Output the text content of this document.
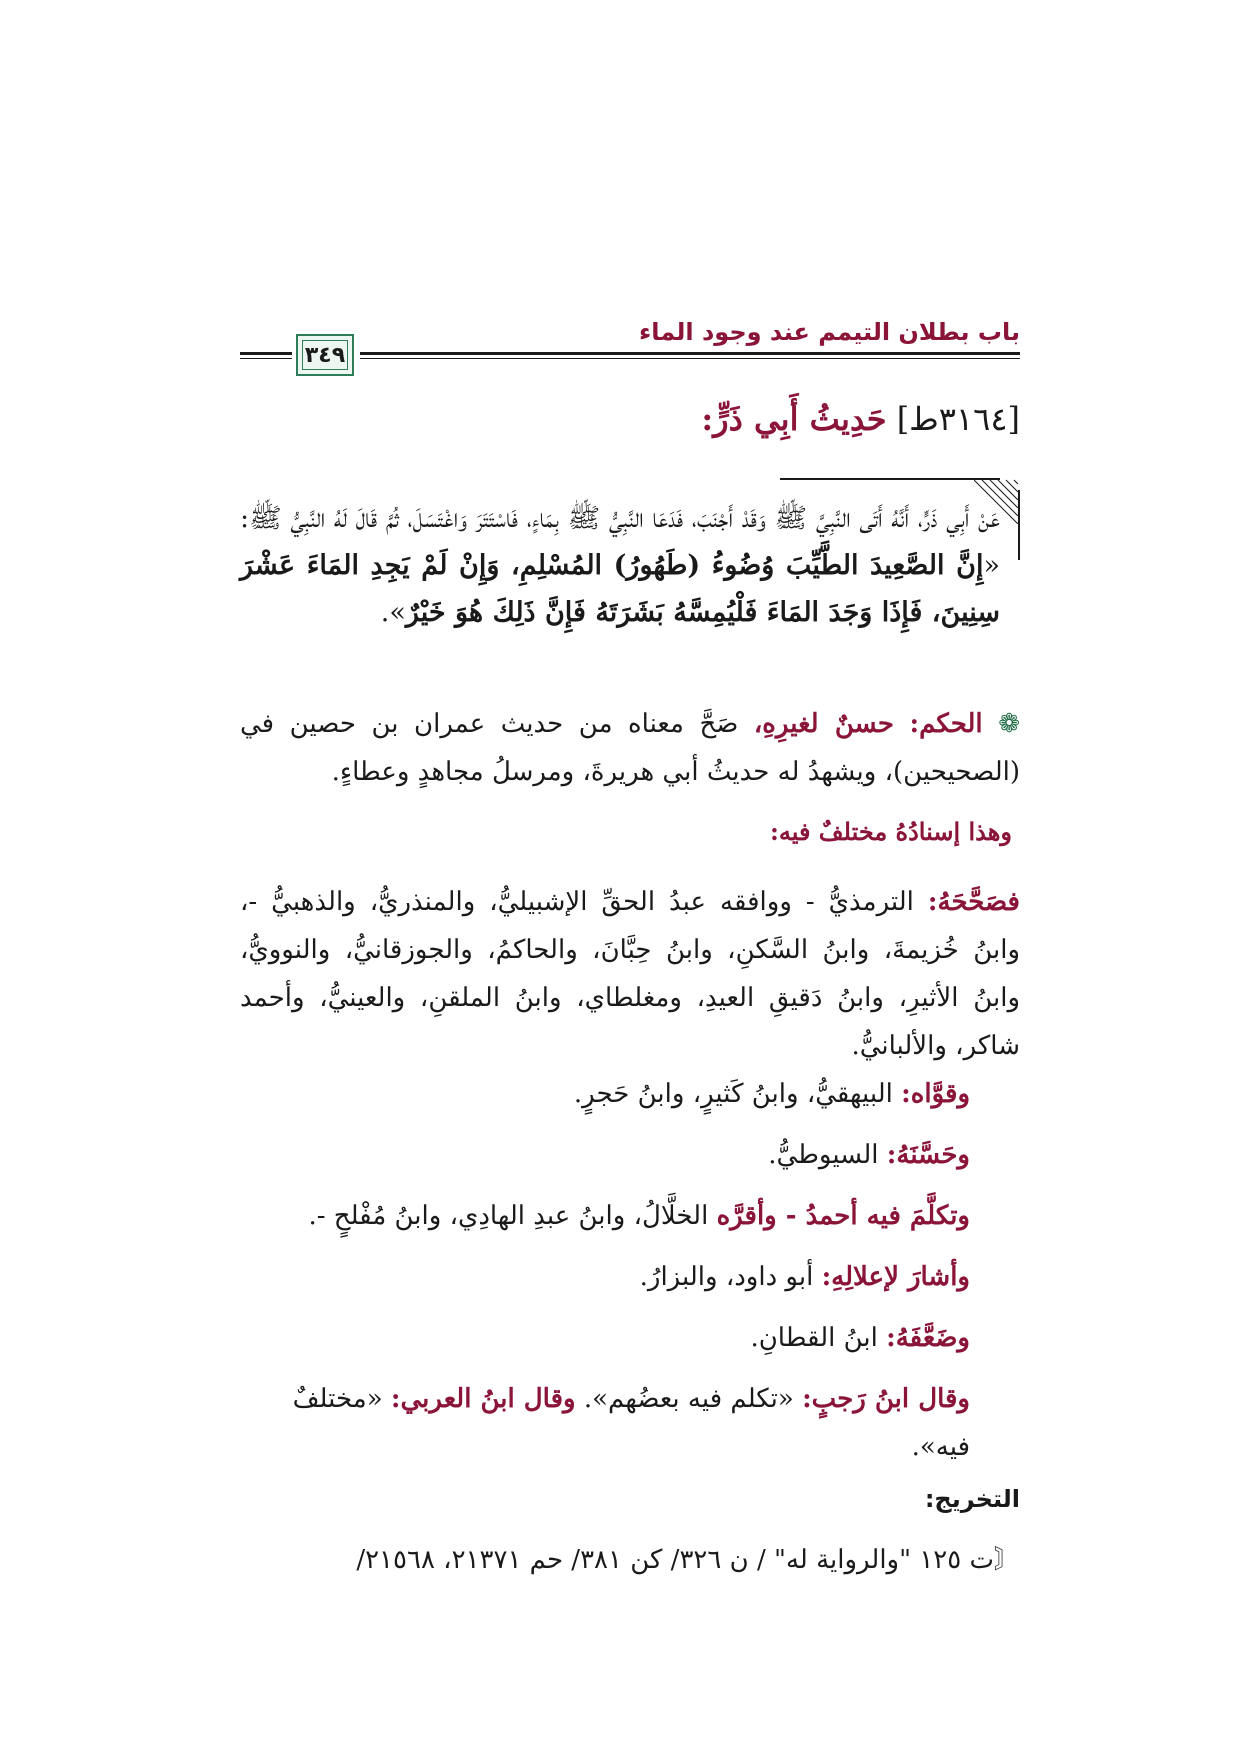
باب بطلان التيمم عند وجود الماء
٣٤٩
[٣١٦٤ط] حَدِيثُ أَبِي ذَرٍّ:
عَنْ أَبِي ذَرٍّ، أَنَّهُ أَتَى النَّبِيَّ ﷺ وَقَدْ أَجْنَبَ، فَدَعَا النَّبِيُّ ﷺ بِمَاءٍ، فَاسْتَتَرَ وَاغْتَسَلَ، ثُمَّ قَالَ لَهُ النَّبِيُّ ﷺ: «إِنَّ الصَّعِيدَ الطَّيِّبَ وُضُوءُ (طَهُورُ) المُسْلِمِ، وَإِنْ لَمْ يَجِدِ المَاءَ عَشْرَ سِنِينَ، فَإِذَا وَجَدَ المَاءَ فَلْيُمِسَّهُ بَشَرَتَهُ فَإِنَّ ذَلِكَ هُوَ خَيْرٌ».
❁ الحكم: حسنٌ لغيرِهِ، صَحَّ معناه من حديث عمران بن حصين في (الصحيحين)، ويشهدُ له حديثُ أبي هريرةَ، ومرسلُ مجاهدٍ وعطاءٍ.
وهذا إسنادُهُ مختلفٌ فيه:
فصَحَّحَهُ: الترمذيُّ - ووافقه عبدُ الحقِّ الإشبيليُّ، والمنذريُّ، والذهبيُّ -، وابنُ خُزيمةَ، وابنُ السَّكنِ، وابنُ حِبَّانَ، والحاكمُ، والجوزقانيُّ، والنوويُّ، وابنُ الأثيرِ، وابنُ دَقيقِ العيدِ، ومغلطاي، وابنُ الملقنِ، والعينيُّ، وأحمد شاكر، والألبانيُّ.
وقوَّاه: البيهقيُّ، وابنُ كَثيرٍ، وابنُ حَجرٍ.
وحَسَّنَهُ: السيوطيُّ.
وتكلَّمَ فيه أحمدُ - وأقرَّه الخلَّالُ، وابنُ عبدِ الهادِي، وابنُ مُفْلحٍ -.
وأشارَ لإعلالِهِ: أبو داود، والبزارُ.
وضَعَّفَهُ: ابنُ القطانِ.
وقال ابنُ رَجبٍ: «تكلم فيه بعضُهم». وقال ابنُ العربي: «مختلفٌ فيه».
التخريج:
〘ت ١٢٥ "والرواية له" / ن ٣٢٦/ كن ٣٨١/ حم ٢١٣٧١، ٢١٥٦٨/
